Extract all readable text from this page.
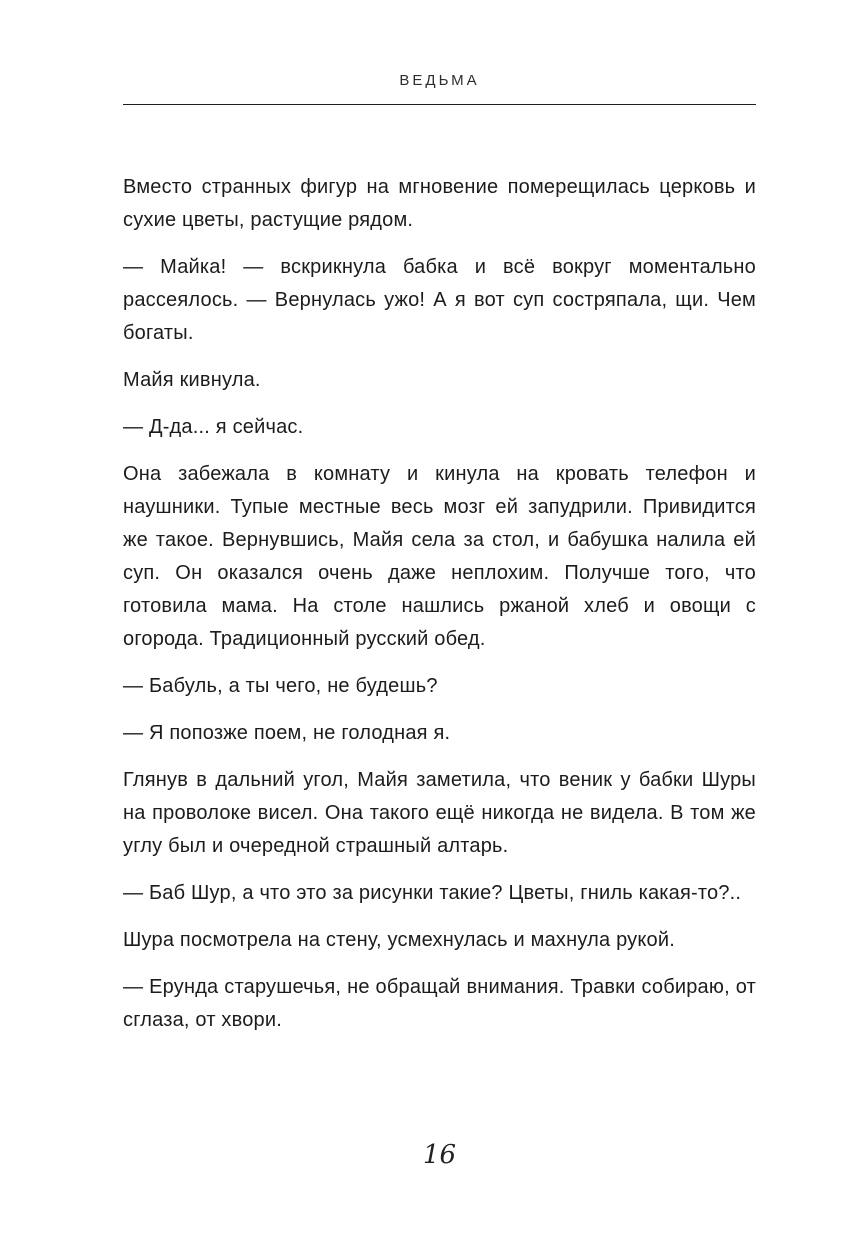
ВЕДЬМА

Вместо странных фигур на мгновение померещилась церковь и сухие цветы, растущие рядом.

— Майка! — вскрикнула бабка и всё вокруг моментально рассеялось. — Вернулась ужо! А я вот суп состряпала, щи. Чем богаты.

Майя кивнула.

— Д-да... я сейчас.

Она забежала в комнату и кинула на кровать телефон и наушники. Тупые местные весь мозг ей запудрили. Привидится же такое. Вернувшись, Майя села за стол, и бабушка налила ей суп. Он оказался очень даже неплохим. Получше того, что готовила мама. На столе нашлись ржаной хлеб и овощи с огорода. Традиционный русский обед.

— Бабуль, а ты чего, не будешь?

— Я попозже поем, не голодная я.

Глянув в дальний угол, Майя заметила, что веник у бабки Шуры на проволоке висел. Она такого ещё никогда не видела. В том же углу был и очередной страшный алтарь.

— Баб Шур, а что это за рисунки такие? Цветы, гниль какая-то?..

Шура посмотрела на стену, усмехнулась и махнула рукой.

— Ерунда старушечья, не обращай внимания. Травки собираю, от сглаза, от хвори.

16
